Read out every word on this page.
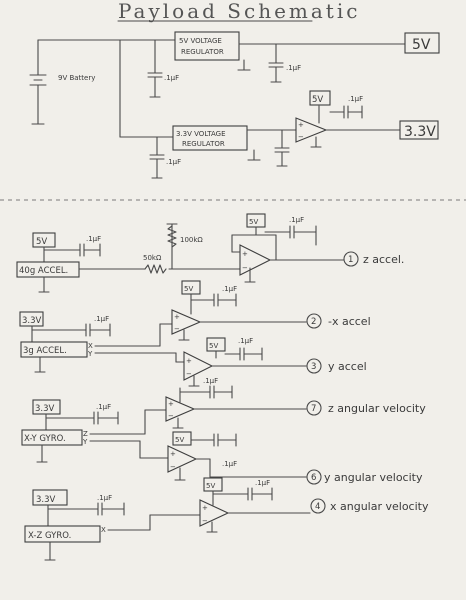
Payload Schematic
9V Battery
5V VOLTAGE
REGULATOR	5V
.1μF
.1μF
3.3V VOLTAGE
REGULATOR
.1μF
+
−
5V	.1μF
3.3V
5V	.1μF
40g ACCEL.
50kΩ
100kΩ
+
−
5V	.1μF
1 z accel.
3.3V	.1μF
3g ACCEL.	X
Y
+
−
5V	.1μF
2 -x accel
+
−
5V
.1μF
3 y accel
3.3V	.1μF
X-Y GYRO. Z
Y
+
−
.1μF
7 z angular velocity
+
−
5V
.1μF
6 y angular velocity
3.3V	.1μF
X-Z GYRO.
X
+
−
5V	.1μF
4 x angular velocity
